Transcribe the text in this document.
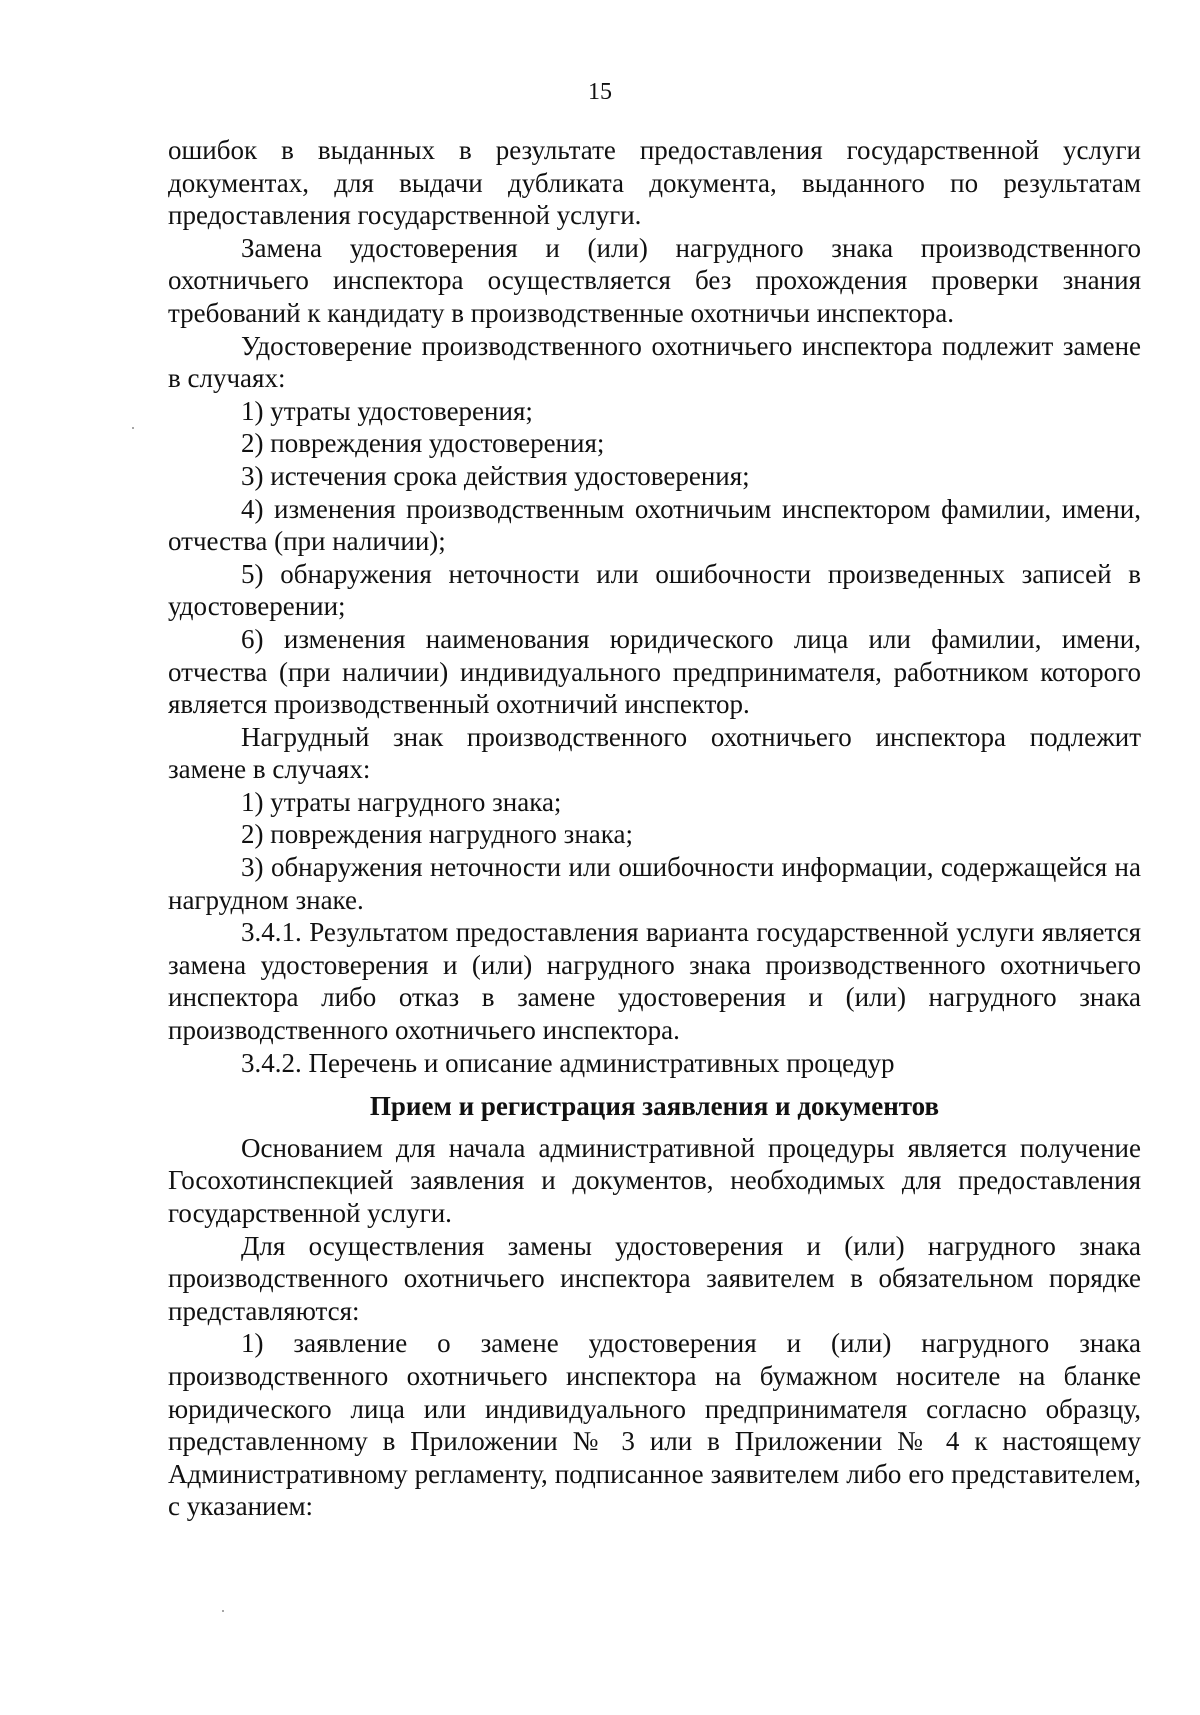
15

ошибок в выданных в результате предоставления государственной услуги документах, для выдачи дубликата документа, выданного по результатам предоставления государственной услуги.

Замена удостоверения и (или) нагрудного знака производственного охотничьего инспектора осуществляется без прохождения проверки знания требований к кандидату в производственные охотничьи инспектора.

Удостоверение производственного охотничьего инспектора подлежит замене в случаях:

1) утраты удостоверения;

2) повреждения удостоверения;

3) истечения срока действия удостоверения;

4) изменения производственным охотничьим инспектором фамилии, имени, отчества (при наличии);

5) обнаружения неточности или ошибочности произведенных записей в удостоверении;

6) изменения наименования юридического лица или фамилии, имени, отчества (при наличии) индивидуального предпринимателя, работником которого является производственный охотничий инспектор.

Нагрудный знак производственного охотничьего инспектора подлежит замене в случаях:

1) утраты нагрудного знака;

2) повреждения нагрудного знака;

3) обнаружения неточности или ошибочности информации, содержащейся на нагрудном знаке.

3.4.1. Результатом предоставления варианта государственной услуги является замена удостоверения и (или) нагрудного знака производственного охотничьего инспектора либо отказ в замене удостоверения и (или) нагрудного знака производственного охотничьего инспектора.

3.4.2. Перечень и описание административных процедур

Прием и регистрация заявления и документов

Основанием для начала административной процедуры является получение Госохотинспекцией заявления и документов, необходимых для предоставления государственной услуги.

Для осуществления замены удостоверения и (или) нагрудного знака производственного охотничьего инспектора заявителем в обязательном порядке представляются:

1) заявление о замене удостоверения и (или) нагрудного знака производственного охотничьего инспектора на бумажном носителе на бланке юридического лица или индивидуального предпринимателя согласно образцу, представленному в Приложении № 3 или в Приложении № 4 к настоящему Административному регламенту, подписанное заявителем либо его представителем, с указанием:
